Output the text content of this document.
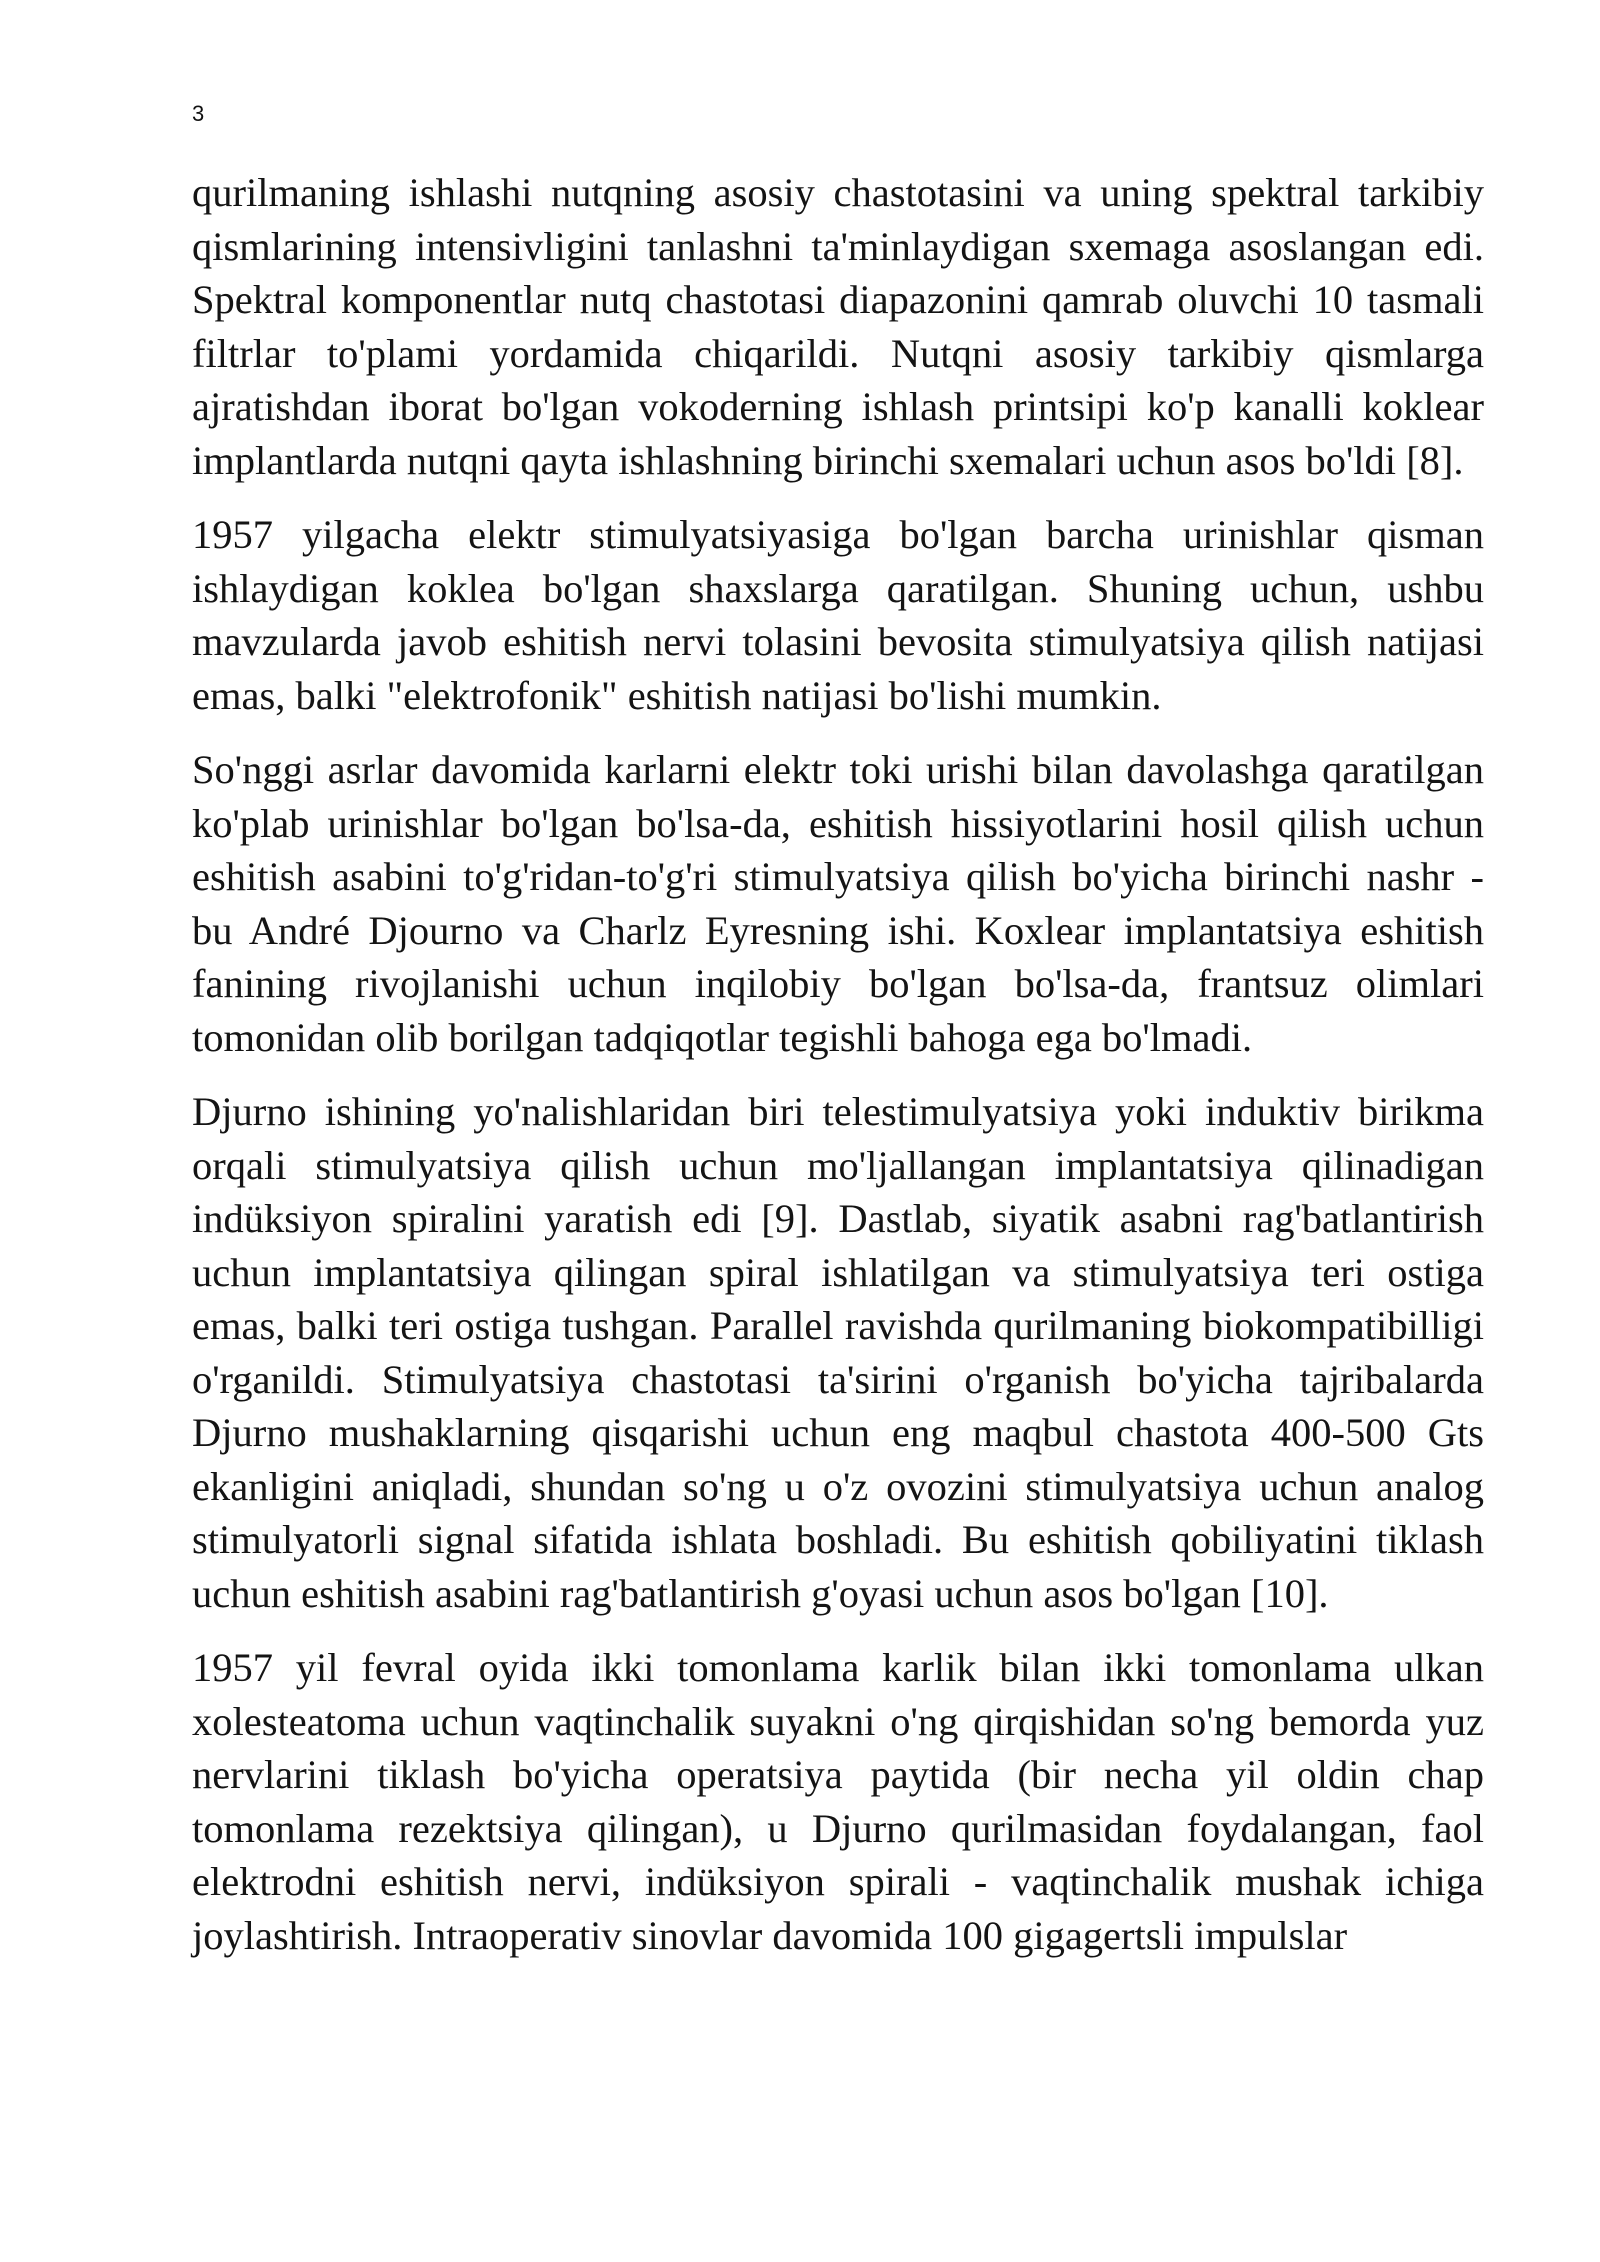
3

qurilmaning ishlashi nutqning asosiy chastotasini va uning spektral tarkibiy qismlarining intensivligini tanlashni ta'minlaydigan sxemaga asoslangan edi. Spektral komponentlar nutq chastotasi diapazonini qamrab oluvchi 10 tasmali filtrlar to'plami yordamida chiqarildi. Nutqni asosiy tarkibiy qismlarga ajratishdan iborat bo'lgan vokoderning ishlash printsipi ko'p kanalli koklear implantlarda nutqni qayta ishlashning birinchi sxemalari uchun asos bo'ldi [8].

1957 yilgacha elektr stimulyatsiyasiga bo'lgan barcha urinishlar qisman ishlaydigan koklea bo'lgan shaxslarga qaratilgan. Shuning uchun, ushbu mavzularda javob eshitish nervi tolasini bevosita stimulyatsiya qilish natijasi emas, balki "elektrofonik" eshitish natijasi bo'lishi mumkin.

So'nggi asrlar davomida karlarni elektr toki urishi bilan davolashga qaratilgan ko'plab urinishlar bo'lgan bo'lsa-da, eshitish hissiyotlarini hosil qilish uchun eshitish asabini to'g'ridan-to'g'ri stimulyatsiya qilish bo'yicha birinchi nashr - bu André Djourno va Charlz Eyresning ishi. Koxlear implantatsiya eshitish fanining rivojlanishi uchun inqilobiy bo'lgan bo'lsa-da, frantsuz olimlari tomonidan olib borilgan tadqiqotlar tegishli bahoga ega bo'lmadi.

Djurno ishining yo'nalishlaridan biri telestimulyatsiya yoki induktiv birikma orqali stimulyatsiya qilish uchun mo'ljallangan implantatsiya qilinadigan indüksiyon spiralini yaratish edi [9]. Dastlab, siyatik asabni rag'batlantirish uchun implantatsiya qilingan spiral ishlatilgan va stimulyatsiya teri ostiga emas, balki teri ostiga tushgan. Parallel ravishda qurilmaning biokompatibilligi o'rganildi. Stimulyatsiya chastotasi ta'sirini o'rganish bo'yicha tajribalarda Djurno mushaklarning qisqarishi uchun eng maqbul chastota 400-500 Gts ekanligini aniqladi, shundan so'ng u o'z ovozini stimulyatsiya uchun analog stimulyatorli signal sifatida ishlata boshladi. Bu eshitish qobiliyatini tiklash uchun eshitish asabini rag'batlantirish g'oyasi uchun asos bo'lgan [10].

1957 yil fevral oyida ikki tomonlama karlik bilan ikki tomonlama ulkan xolesteatoma uchun vaqtinchalik suyakni o'ng qirqishidan so'ng bemorda yuz nervlarini tiklash bo'yicha operatsiya paytida (bir necha yil oldin chap tomonlama rezektsiya qilingan), u Djurno qurilmasidan foydalangan, faol elektrodni eshitish nervi, indüksiyon spirali - vaqtinchalik mushak ichiga joylashtirish. Intraoperativ sinovlar davomida 100 gigagertsli impulslar
